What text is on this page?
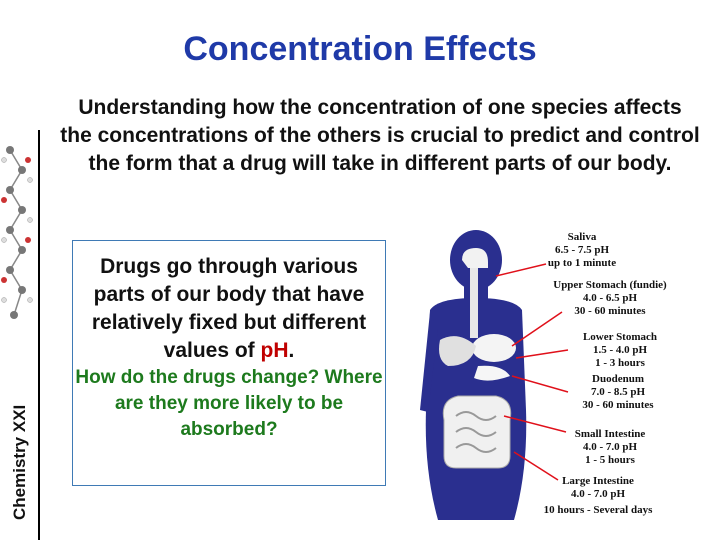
Chemistry XXI
Concentration Effects
Understanding how the concentration of one species affects the concentrations of the others is crucial to predict and control the form that a drug will take in different parts of our body.
Drugs go through various parts of our body that have relatively fixed but different values of pH.
How do the drugs change? Where are they more likely to be absorbed?
Saliva
6.5 - 7.5 pH
up to 1 minute
Upper Stomach (fundie)
4.0 - 6.5 pH
30 - 60 minutes
Lower Stomach
1.5 - 4.0 pH
1 - 3 hours
Duodenum
7.0 - 8.5 pH
30 - 60 minutes
Small Intestine
4.0 - 7.0 pH
1 - 5 hours
Large Intestine
4.0 - 7.0 pH
10 hours - Several days
